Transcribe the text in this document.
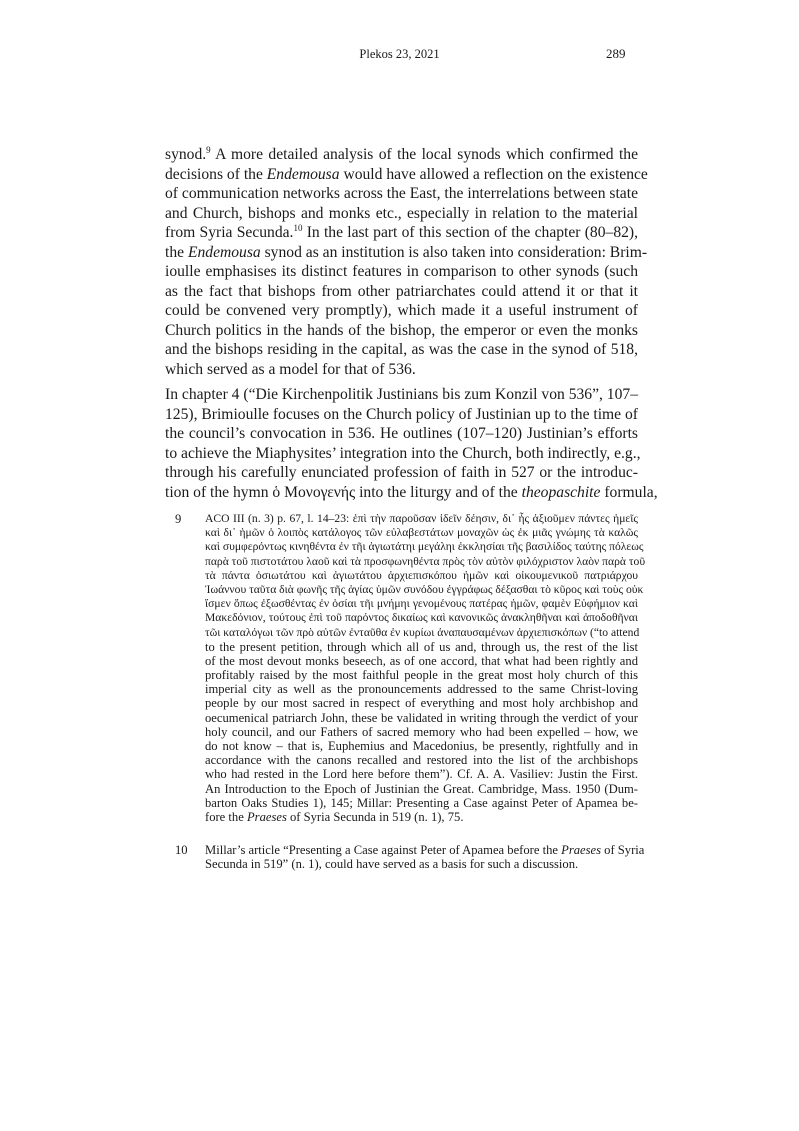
Plekos 23, 2021	289
synod.$^9$ A more detailed analysis of the local synods which confirmed the
decisions of the Endemousa would have allowed a reflection on the existence
of communication networks across the East, the interrelations between state
and Church, bishops and monks etc., especially in relation to the material
from Syria Secunda.$^{10}$ In the last part of this section of the chapter (80–82),
the Endemousa synod as an institution is also taken into consideration: Brim-
ioulle emphasises its distinct features in comparison to other synods (such
as the fact that bishops from other patriarchates could attend it or that it
could be convened very promptly), which made it a useful instrument of
Church politics in the hands of the bishop, the emperor or even the monks
and the bishops residing in the capital, as was the case in the synod of 518,
which served as a model for that of 536.
In chapter 4 (“Die Kirchenpolitik Justinians bis zum Konzil von 536”, 107–
125), Brimioulle focuses on the Church policy of Justinian up to the time of
the council’s convocation in 536. He outlines (107–120) Justinian’s efforts
to achieve the Miaphysites’ integration into the Church, both indirectly, e.g.,
through his carefully enunciated profession of faith in 527 or the introduc-
tion of the hymn ὁ Μονογενής into the liturgy and of the theopaschite formula,
9 ACO III (n. 3) p. 67, l. 14–23: ἐπὶ τὴν παροῦσαν ἰδεῖν δέησιν, δι᾽ ἧς ἀξιοῦμεν πάντες ἡμεῖς
καὶ δι᾽ ἡμῶν ὁ λοιπὸς κατάλογος τῶν εὐλαβεστάτων μοναχῶν ὡς ἐκ μιᾶς γνώμης τὰ καλῶς
καὶ συμφερόντως κινηθέντα ἐν τῆι ἁγιωτάτηι μεγάληι ἐκκλησίαι τῆς βασιλίδος ταύτης πόλεως
παρὰ τοῦ πιστοτάτου λαοῦ καὶ τὰ προσφωνηθέντα πρὸς τὸν αὐτὸν φιλόχριστον λαὸν παρὰ τοῦ
τὰ πάντα ὁσιωτάτου καὶ ἁγιωτάτου ἀρχιεπισκόπου ἡμῶν καὶ οἰκουμενικοῦ πατριάρχου
Ἰωάννου ταῦτα διὰ φωνῆς τῆς ἁγίας ὑμῶν συνόδου ἐγγράφως δέξασθαι τὸ κῦρος καὶ τοὺς οὐκ
ἴσμεν ὅπως ἐξωσθέντας ἐν ὁσίαι τῆι μνήμηι γενομένους πατέρας ἡμῶν, φαμὲν Εὐφήμιον καὶ
Μακεδόνιον, τούτους ἐπὶ τοῦ παρόντος δικαίως καὶ κανονικῶς ἀνακληθῆναι καὶ ἀποδοθῆναι
τῶι καταλόγωι τῶν πρὸ αὐτῶν ἐνταῦθα ἐν κυρίωι ἀναπαυσαμένων ἀρχιεπισκόπων (“to attend
to the present petition, through which all of us and, through us, the rest of the list
of the most devout monks beseech, as of one accord, that what had been rightly and
profitably raised by the most faithful people in the great most holy church of this
imperial city as well as the pronouncements addressed to the same Christ-loving
people by our most sacred in respect of everything and most holy archbishop and
oecumenical patriarch John, these be validated in writing through the verdict of your
holy council, and our Fathers of sacred memory who had been expelled – how, we
do not know – that is, Euphemius and Macedonius, be presently, rightfully and in
accordance with the canons recalled and restored into the list of the archbishops
who had rested in the Lord here before them”). Cf. A. A. Vasiliev: Justin the First.
An Introduction to the Epoch of Justinian the Great. Cambridge, Mass. 1950 (Dum-
barton Oaks Studies 1), 145; Millar: Presenting a Case against Peter of Apamea be-
fore the Praeses of Syria Secunda in 519 (n. 1), 75.
10 Millar’s article “Presenting a Case against Peter of Apamea before the Praeses of Syria
Secunda in 519” (n. 1), could have served as a basis for such a discussion.
